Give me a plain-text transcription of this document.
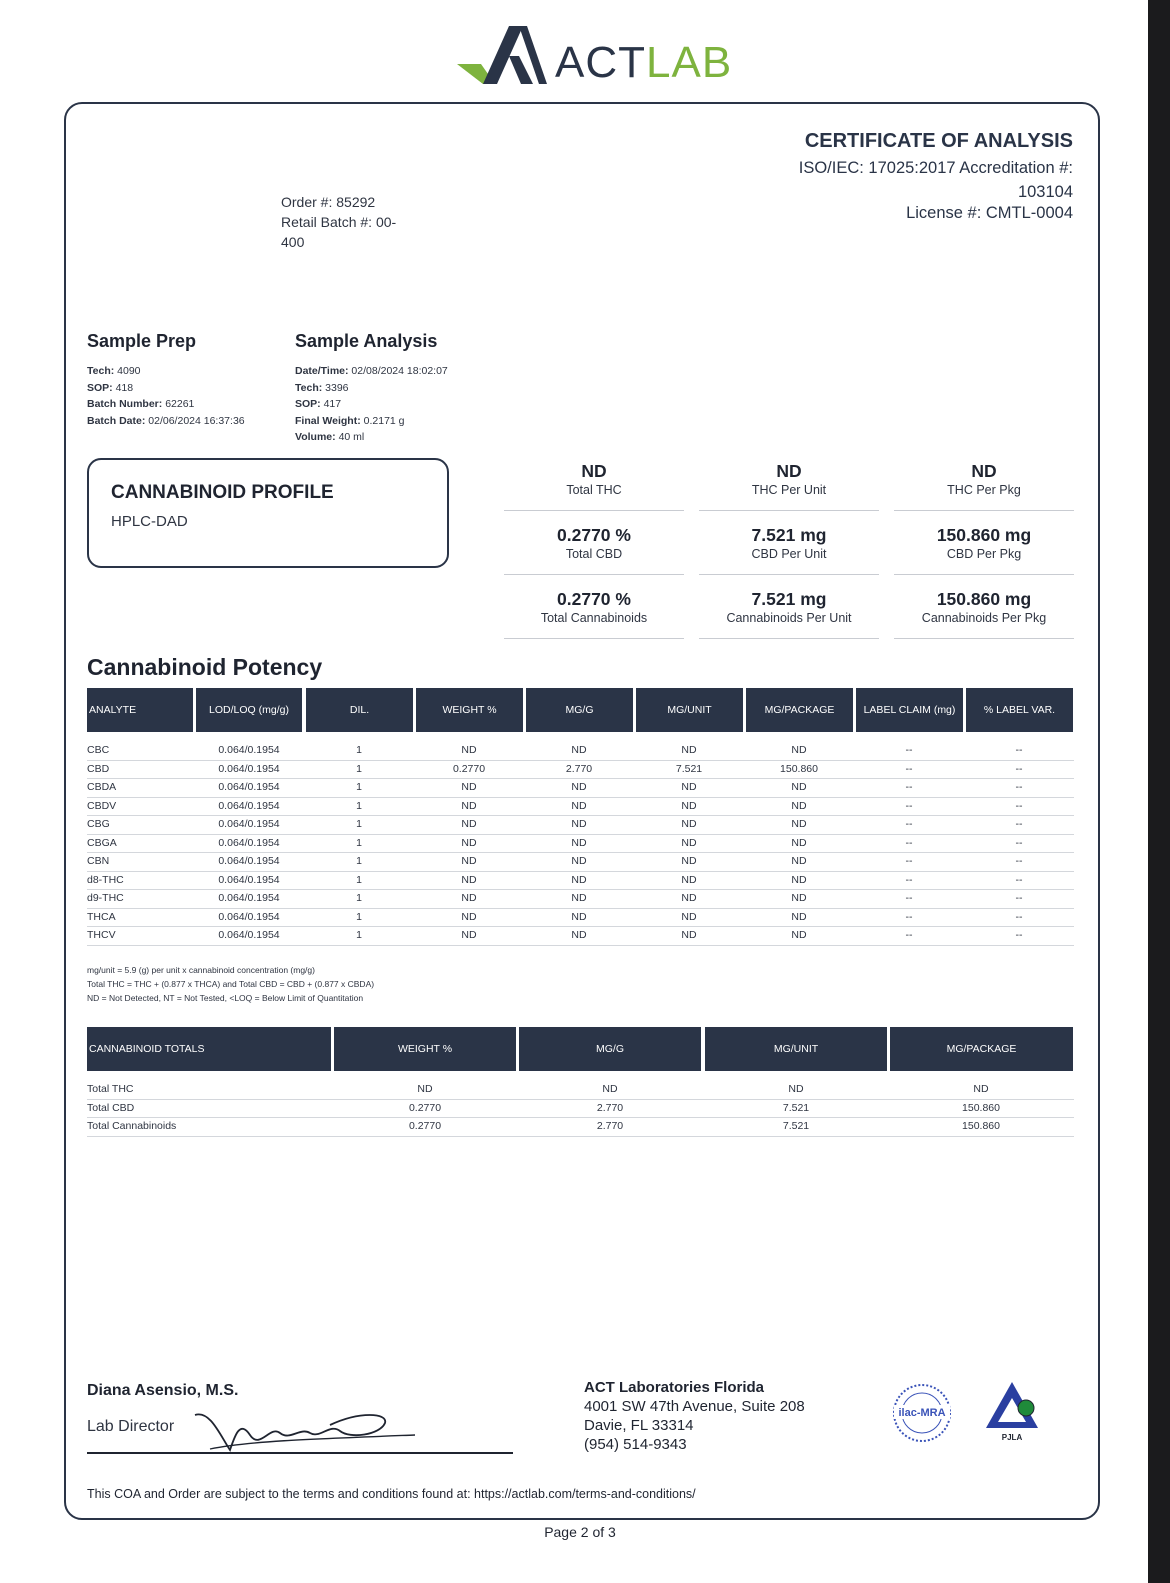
ACTLAB
CERTIFICATE OF ANALYSIS
ISO/IEC: 17025:2017 Accreditation #: 103104
License #: CMTL-0004
Order #: 85292
Retail Batch #: 00-400
Sample Prep
Tech: 4090
SOP: 418
Batch Number: 62261
Batch Date: 02/06/2024 16:37:36
Sample Analysis
Date/Time: 02/08/2024 18:02:07
Tech: 3396
SOP: 417
Final Weight: 0.2171 g
Volume: 40 ml
CANNABINOID PROFILE
HPLC-DAD
ND
Total THC
ND
THC Per Unit
ND
THC Per Pkg
0.2770 %
Total CBD
7.521 mg
CBD Per Unit
150.860 mg
CBD Per Pkg
0.2770 %
Total Cannabinoids
7.521 mg
Cannabinoids Per Unit
150.860 mg
Cannabinoids Per Pkg
Cannabinoid Potency
mg/unit = 5.9 (g) per unit x cannabinoid concentration (mg/g)
Total THC = THC + (0.877 x THCA) and Total CBD = CBD + (0.877 x CBDA)
ND = Not Detected, NT = Not Tested, <LOQ = Below Limit of Quantitation
Diana Asensio, M.S.
Lab Director
ACT Laboratories Florida
4001 SW 47th Avenue, Suite 208
Davie, FL 33314
(954) 514-9343
ilac-MRA
PJLA
This COA and Order are subject to the terms and conditions found at: https://actlab.com/terms-and-conditions/
Page 2 of 3
ANALYTE	LOD/LOQ (mg/g)	DIL.	WEIGHT %	MG/G	MG/UNIT	MG/PACKAGE	LABEL CLAIM (mg)	% LABEL VAR.
CBC	0.064/0.1954	1	ND	ND	ND	ND	--	--
CBD	0.064/0.1954	1	0.2770	2.770	7.521	150.860	--	--
CBDA	0.064/0.1954	1	ND	ND	ND	ND	--	--
CBDV	0.064/0.1954	1	ND	ND	ND	ND	--	--
CBG	0.064/0.1954	1	ND	ND	ND	ND	--	--
CBGA	0.064/0.1954	1	ND	ND	ND	ND	--	--
CBN	0.064/0.1954	1	ND	ND	ND	ND	--	--
d8-THC	0.064/0.1954	1	ND	ND	ND	ND	--	--
d9-THC	0.064/0.1954	1	ND	ND	ND	ND	--	--
THCA	0.064/0.1954	1	ND	ND	ND	ND	--	--
THCV	0.064/0.1954	1	ND	ND	ND	ND	--	--
CANNABINOID TOTALS	WEIGHT %	MG/G	MG/UNIT	MG/PACKAGE
Total THC	ND	ND	ND	ND
Total CBD	0.2770	2.770	7.521	150.860
Total Cannabinoids	0.2770	2.770	7.521	150.860
